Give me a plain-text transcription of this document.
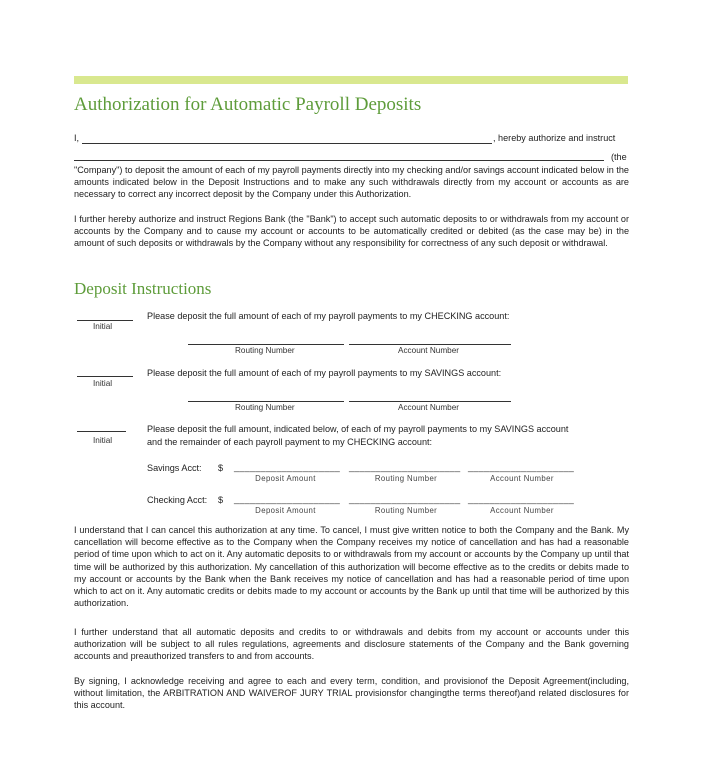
Authorization for Automatic Payroll Deposits
I,	, hereby authorize and instruct
(the
"Company") to deposit the amount of each of my payroll payments directly into my checking and/or savings account indicated below in the amounts indicated below in the Deposit Instructions and to make any such withdrawals directly from my account or accounts as are necessary to correct any incorrect deposit by the Company under this Authorization.
I further hereby authorize and instruct Regions Bank (the "Bank") to accept such automatic deposits to or withdrawals from my account or accounts by the Company and to cause my account or accounts to be automatically credited or debited (as the case may be) in the amount of such deposits or withdrawals by the Company without any responsibility for correctness of any such deposit or withdrawal.
Deposit Instructions
Initial
Please deposit the full amount of each of my payroll payments to my CHECKING account:
Routing Number	Account Number
Initial
Please deposit the full amount of each of my payroll payments to my SAVINGS account:
Routing Number	Account Number
Initial
Please deposit the full amount, indicated below, of each of my payroll payments to my SAVINGS account
and the remainder of each payroll payment to my CHECKING account:
Savings Acct: $ ____________________ _____________________ ____________________
Deposit Amount	Routing Number	Account Number
Checking Acct: $ ____________________ _____________________ ____________________
Deposit Amount	Routing Number	Account Number
I understand that I can cancel this authorization at any time. To cancel, I must give written notice to both the Company and the Bank. My cancellation will become effective as to the Company when the Company receives my notice of cancellation and has had a reasonable period of time upon which to act on it. Any automatic deposits to or withdrawals from my account or accounts by the Company up until that time will be authorized by this authorization. My cancellation of this authorization will become effective as to the credits or debits made to my account or accounts by the Bank when the Bank receives my notice of cancellation and has had a reasonable period of time upon which to act on it. Any automatic credits or debits made to my account or accounts by the Bank up until that time will be authorized by this authorization.
I further understand that all automatic deposits and credits to or withdrawals and debits from my account or accounts under this authorization will be subject to all rules regulations, agreements and disclosure statements of the Company and the Bank governing accounts and preauthorized transfers to and from accounts.
By signing, I acknowledge receiving and agree to each and every term, condition, and provisionof the Deposit Agreement(including, without limitation, the ARBITRATION AND WAIVEROF JURY TRIAL provisionsfor changingthe terms thereof)and related disclosures for this account.
